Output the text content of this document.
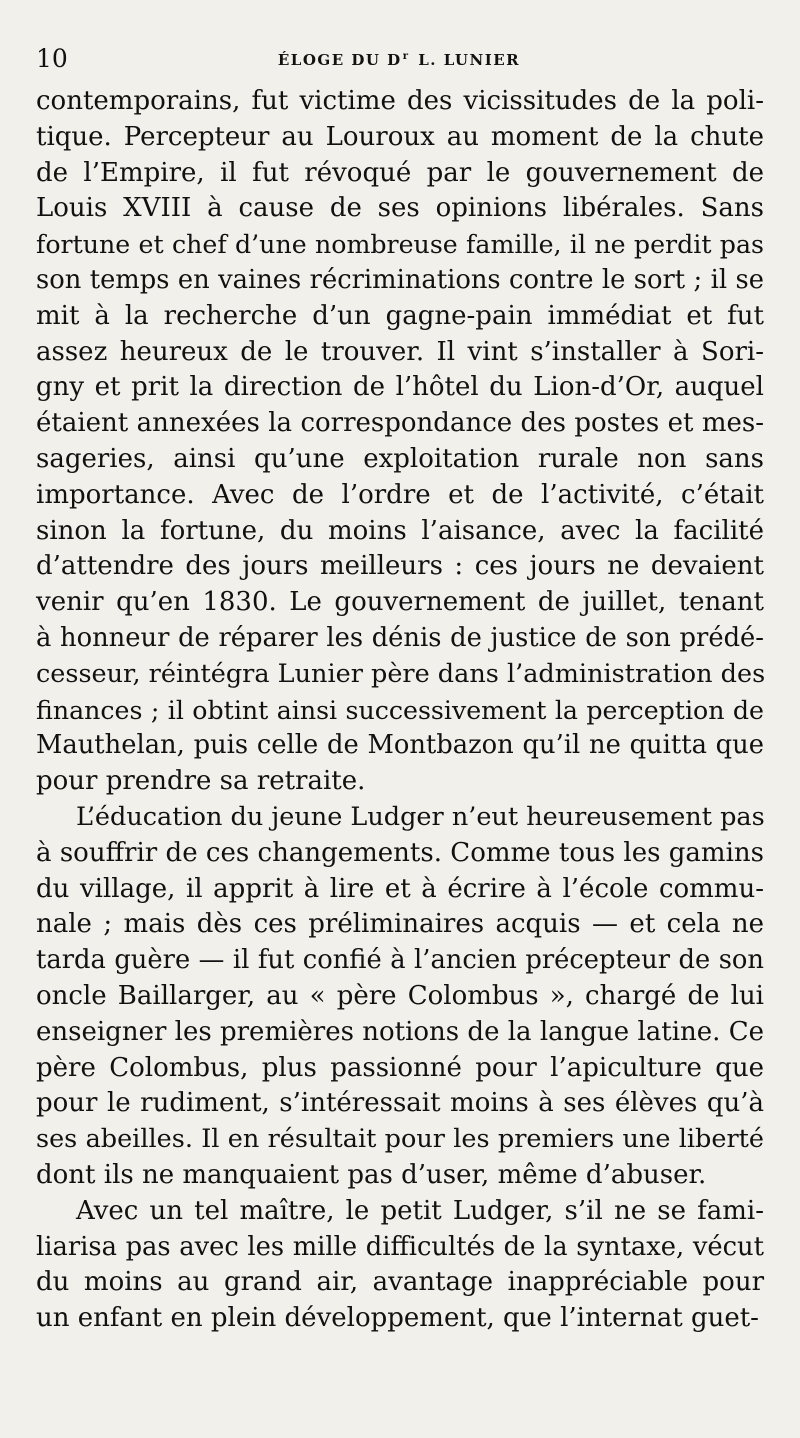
10	ÉLOGE DU $D^r$ L. LUNIER
contemporains, fut victime des vicissitudes de la poli-
tique. Percepteur au Louroux au moment de la chute
de l’Empire, il fut révoqué par le gouvernement de
Louis XVIII à cause de ses opinions libérales. Sans
fortune et chef d’une nombreuse famille, il ne perdit pas
son temps en vaines récriminations contre le sort ; il se
mit à la recherche d’un gagne-pain immédiat et fut
assez heureux de le trouver. Il vint s’installer à Sori-
gny et prit la direction de l’hôtel du Lion-d’Or, auquel
étaient annexées la correspondance des postes et mes-
sageries, ainsi qu’une exploitation rurale non sans
importance. Avec de l’ordre et de l’activité, c’était
sinon la fortune, du moins l’aisance, avec la facilité
d’attendre des jours meilleurs : ces jours ne devaient
venir qu’en 1830. Le gouvernement de juillet, tenant
à honneur de réparer les dénis de justice de son prédé-
cesseur, réintégra Lunier père dans l’administration des
finances ; il obtint ainsi successivement la perception de
Mauthelan, puis celle de Montbazon qu’il ne quitta que
pour prendre sa retraite.
L’éducation du jeune Ludger n’eut heureusement pas
à souffrir de ces changements. Comme tous les gamins
du village, il apprit à lire et à écrire à l’école commu-
nale ; mais dès ces préliminaires acquis — et cela ne
tarda guère — il fut confié à l’ancien précepteur de son
oncle Baillarger, au « père Colombus », chargé de lui
enseigner les premières notions de la langue latine. Ce
père Colombus, plus passionné pour l’apiculture que
pour le rudiment, s’intéressait moins à ses élèves qu’à
ses abeilles. Il en résultait pour les premiers une liberté
dont ils ne manquaient pas d’user, même d’abuser.
Avec un tel maître, le petit Ludger, s’il ne se fami-
liarisa pas avec les mille difficultés de la syntaxe, vécut
du moins au grand air, avantage inappréciable pour
un enfant en plein développement, que l’internat guet-
